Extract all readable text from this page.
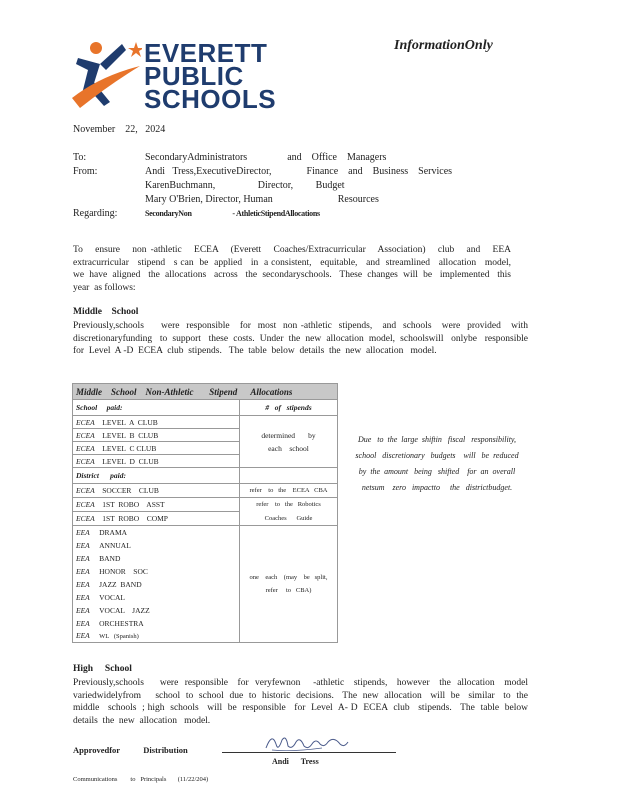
EVERETT
PUBLIC
SCHOOLS
InformationOnly
November    22,   2024
To:	SecondaryAdministrators                and    Office    Managers
From:	Andi   Tress,ExecutiveDirector,              Finance    and    Business    Services
KarenBuchmann,                 Director,         Budget
Mary O'Brien, Director, Human                          Resources
Regarding:	SecondaryNon                        - AthleticStipendAllocations
To   ensure   non -athletic   ECEA   (Everett   Coaches/Extracurricular   Association)   club   and   EEA   extracurricular   stipend   s can  be  applied   in  a consistent,   equitable,   and  streamlined   allocation   model,   we  have  aligned   the  allocations   across   the  secondaryschools.   These  changes  will  be   implemented   this  year  as follows:
Middle    School
Previously,schools     were  responsible   for  most  non -athletic  stipends,   and  schools   were  provided   with  discretionaryfunding   to  support   these  costs.  Under  the  new  allocation  model,  schoolswill   onlybe   responsible   for  Level  A -D  ECEA  club  stipends.   The  table  below  details  the  new  allocation   model.
Middle    School    Non-Athletic       Stipend      Allocations	
School     paid:	#   of   stipends
ECEA LEVEL  A  CLUB	determined       by    each    school
ECEA LEVEL  B  CLUB	
ECEA LEVEL  C CLUB	
ECEA LEVEL  D  CLUB	
District      paid:	
ECEA SOCCER    CLUB	refer    to   the    ECEA   CBA
ECEA 1ST  ROBO    ASST	refer    to   the   Robotics
ECEA 1ST  ROBO    COMP	Coaches      Guide
EEA DRAMA	one    each    (may    be   split,
refer     to   CBA)

EEA ANNUAL	
EEA BAND	
EEA HONOR    SOC	
EEA JAZZ  BAND	
EEA VOCAL	
EEA VOCAL    JAZZ	
EEA ORCHESTRA	
EEA WL   (Spanish)	
Due   to  the  large  shiftin   fiscal   responsibility,     school   discretionary   budgets    will   be  reduced   by  the  amount   being   shifted    for  an  overall   netsum    zero   impactto     the   districtbudget.
High     School
Previously,schools     were  responsible   for  veryfewnon    -athletic   stipends,   however   the  allocation   model  variedwidelyfrom     school  to  school  due  to  historic  decisions.   The  new  allocation   will  be   similar   to  the  middle   schools  ; high  schools   will  be  responsible   for  Level  A- D  ECEA  club   stipends.   The  table  below  details  the  new  allocation   model.
Approvedfor           Distribution
Andi      Tress
Communications        to   Principals       (11/22/204)
